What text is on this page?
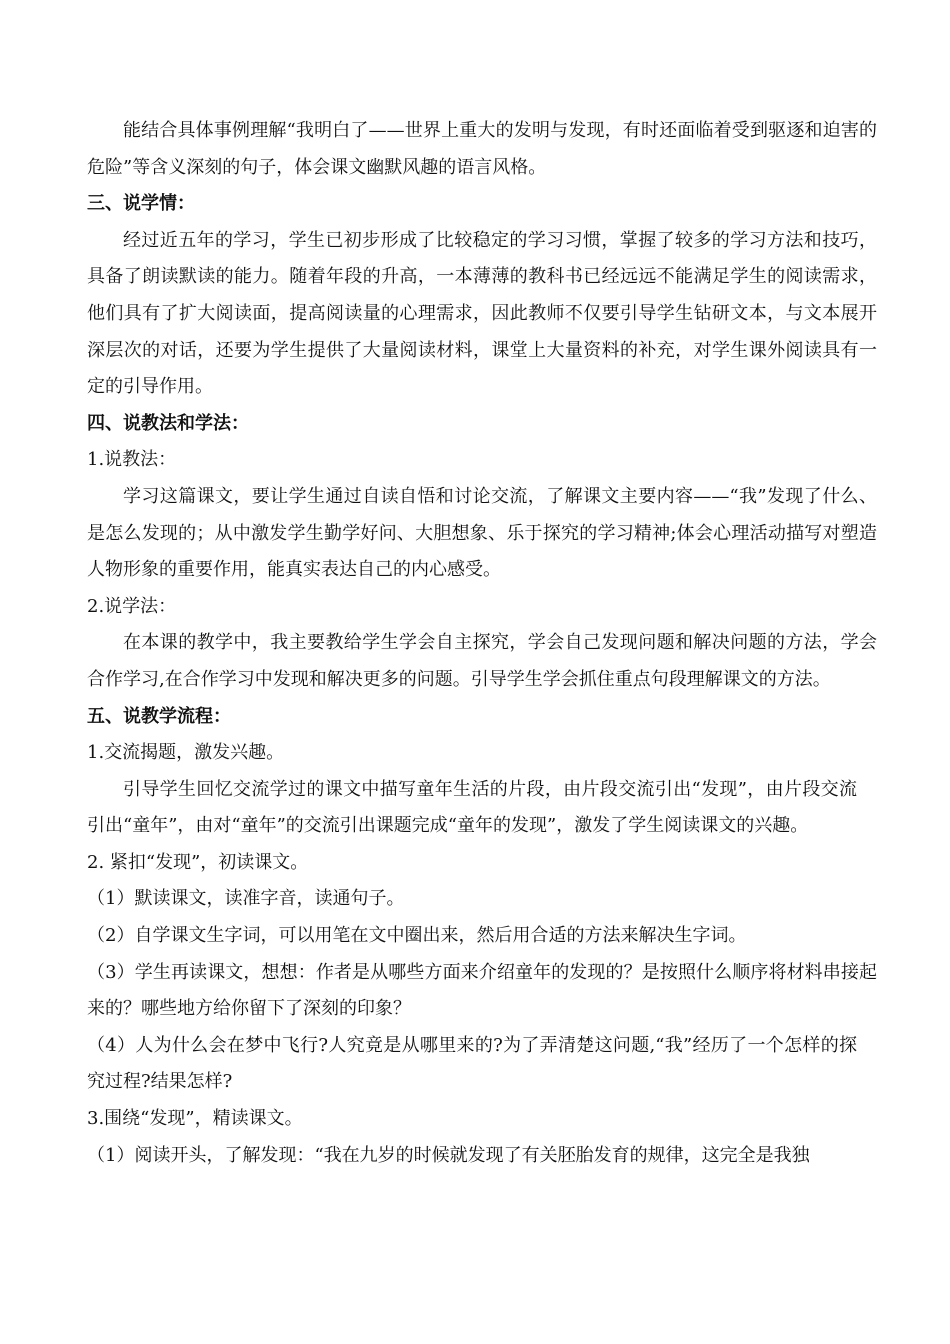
能结合具体事例理解“我明白了——世界上重大的发明与发现，有时还面临着受到驱逐和迫害的危险”等含义深刻的句子，体会课文幽默风趣的语言风格。

三、说学情：

经过近五年的学习，学生已初步形成了比较稳定的学习习惯，掌握了较多的学习方法和技巧，具备了朗读默读的能力。随着年段的升高，一本薄薄的教科书已经远远不能满足学生的阅读需求，他们具有了扩大阅读面，提高阅读量的心理需求，因此教师不仅要引导学生钻研文本，与文本展开深层次的对话，还要为学生提供了大量阅读材料，课堂上大量资料的补充，对学生课外阅读具有一定的引导作用。

四、说教法和学法：

1.说教法：

学习这篇课文，要让学生通过自读自悟和讨论交流，了解课文主要内容——“我”发现了什么、是怎么发现的；从中激发学生勤学好问、大胆想象、乐于探究的学习精神;体会心理活动描写对塑造人物形象的重要作用，能真实表达自己的内心感受。

2.说学法：

在本课的教学中，我主要教给学生学会自主探究，学会自己发现问题和解决问题的方法，学会合作学习,在合作学习中发现和解决更多的问题。引导学生学会抓住重点句段理解课文的方法。

五、说教学流程：

1.交流揭题，激发兴趣。

引导学生回忆交流学过的课文中描写童年生活的片段，由片段交流引出“发现”，由片段交流引出“童年”，由对“童年”的交流引出课题完成“童年的发现”，激发了学生阅读课文的兴趣。

2. 紧扣“发现”，初读课文。

（1）默读课文，读准字音，读通句子。

（2）自学课文生字词，可以用笔在文中圈出来，然后用合适的方法来解决生字词。

（3）学生再读课文，想想：作者是从哪些方面来介绍童年的发现的？是按照什么顺序将材料串接起来的？哪些地方给你留下了深刻的印象？

（4）人为什么会在梦中飞行?人究竟是从哪里来的?为了弄清楚这问题,“我”经历了一个怎样的探究过程?结果怎样?

3.围绕“发现”，精读课文。

（1）阅读开头，了解发现：“我在九岁的时候就发现了有关胚胎发育的规律，这完全是我独
